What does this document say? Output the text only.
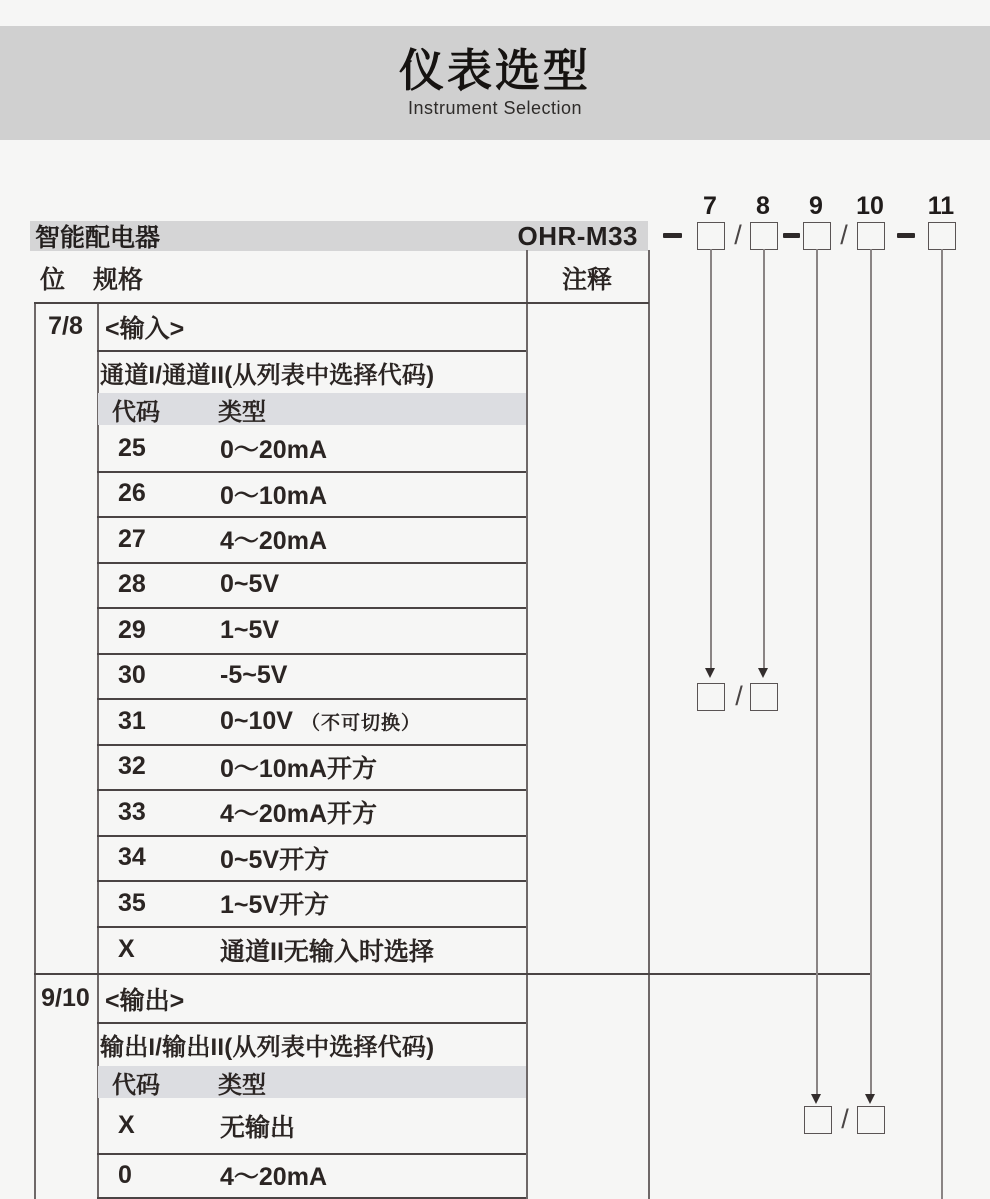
仪表选型
Instrument Selection
智能配电器	OHR-M33
位 规格	注释
7/8 <输入>
通道I/通道II(从列表中选择代码)
代码	类型
25	0〜20mA
26	0〜10mA
27	4〜20mA
28	0~5V
29	1~5V
30	-5~5V
31	0~10V （不可切换）
32	0〜10mA开方
33	4〜20mA开方
34	0~5V开方
35	1~5V开方
X	通道II无输入时选择
9/10 <输出>
输出I/输出II(从列表中选择代码)
代码	类型
X	无输出
0	4〜20mA
7	8	9	10	11
/	/
/
/
